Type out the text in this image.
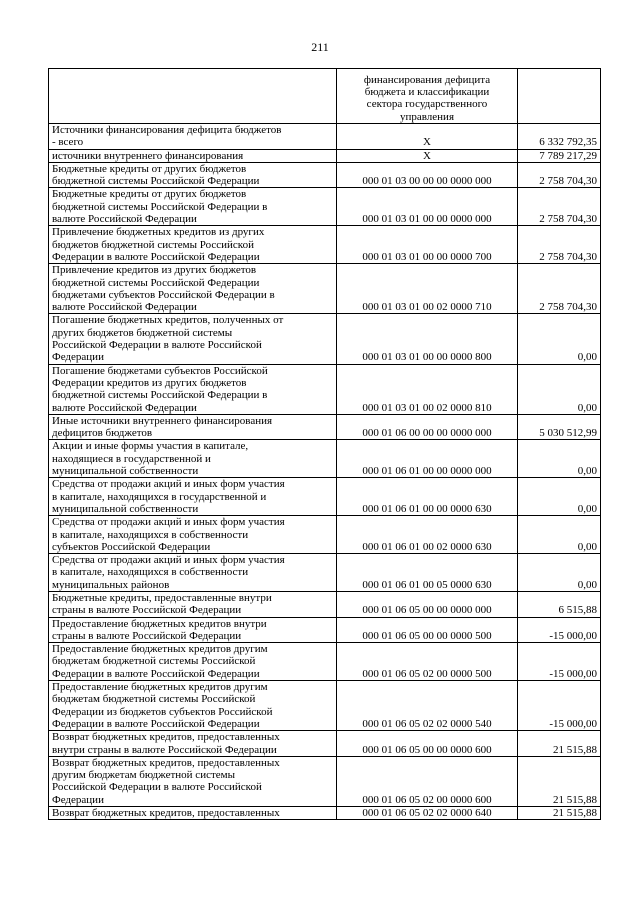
211
	финансирования дефицита
бюджета и классификации
сектора государственного
управления	
Источники финансирования дефицита бюджетов
- всего	X	6 332 792,35
источники внутреннего финансирования	X	7 789 217,29
Бюджетные кредиты от других бюджетов
бюджетной системы Российской Федерации	000 01 03 00 00 00 0000 000	2 758 704,30
Бюджетные кредиты от других бюджетов
бюджетной системы Российской Федерации в
валюте Российской Федерации	000 01 03 01 00 00 0000 000	2 758 704,30
Привлечение бюджетных кредитов из других
бюджетов бюджетной системы Российской
Федерации в валюте Российской Федерации	000 01 03 01 00 00 0000 700	2 758 704,30
Привлечение кредитов из других бюджетов
бюджетной системы Российской Федерации
бюджетами субъектов Российской Федерации в
валюте Российской Федерации	000 01 03 01 00 02 0000 710	2 758 704,30
Погашение бюджетных кредитов, полученных от
других бюджетов бюджетной системы
Российской Федерации в валюте Российской
Федерации	000 01 03 01 00 00 0000 800	0,00
Погашение бюджетами субъектов Российской
Федерации кредитов из других бюджетов
бюджетной системы Российской Федерации в
валюте Российской Федерации	000 01 03 01 00 02 0000 810	0,00
Иные источники внутреннего финансирования
дефицитов бюджетов	000 01 06 00 00 00 0000 000	5 030 512,99
Акции и иные формы участия в капитале,
находящиеся в государственной и
муниципальной собственности	000 01 06 01 00 00 0000 000	0,00
Средства от продажи акций и иных форм участия
в капитале, находящихся в государственной и
муниципальной собственности	000 01 06 01 00 00 0000 630	0,00
Средства от продажи акций и иных форм участия
в капитале, находящихся в собственности
субъектов Российской Федерации	000 01 06 01 00 02 0000 630	0,00
Средства от продажи акций и иных форм участия
в капитале, находящихся в собственности
муниципальных районов	000 01 06 01 00 05 0000 630	0,00
Бюджетные кредиты, предоставленные внутри
страны в валюте Российской Федерации	000 01 06 05 00 00 0000 000	6 515,88
Предоставление бюджетных кредитов внутри
страны в валюте Российской Федерации	000 01 06 05 00 00 0000 500	-15 000,00
Предоставление бюджетных кредитов другим
бюджетам бюджетной системы Российской
Федерации в валюте Российской Федерации	000 01 06 05 02 00 0000 500	-15 000,00
Предоставление бюджетных кредитов другим
бюджетам бюджетной системы Российской
Федерации из бюджетов субъектов Российской
Федерации в валюте Российской Федерации	000 01 06 05 02 02 0000 540	-15 000,00
Возврат бюджетных кредитов, предоставленных
внутри страны в валюте Российской Федерации	000 01 06 05 00 00 0000 600	21 515,88
Возврат бюджетных кредитов, предоставленных
другим бюджетам бюджетной системы
Российской Федерации в валюте Российской
Федерации	000 01 06 05 02 00 0000 600	21 515,88
Возврат бюджетных кредитов, предоставленных	000 01 06 05 02 02 0000 640	21 515,88
